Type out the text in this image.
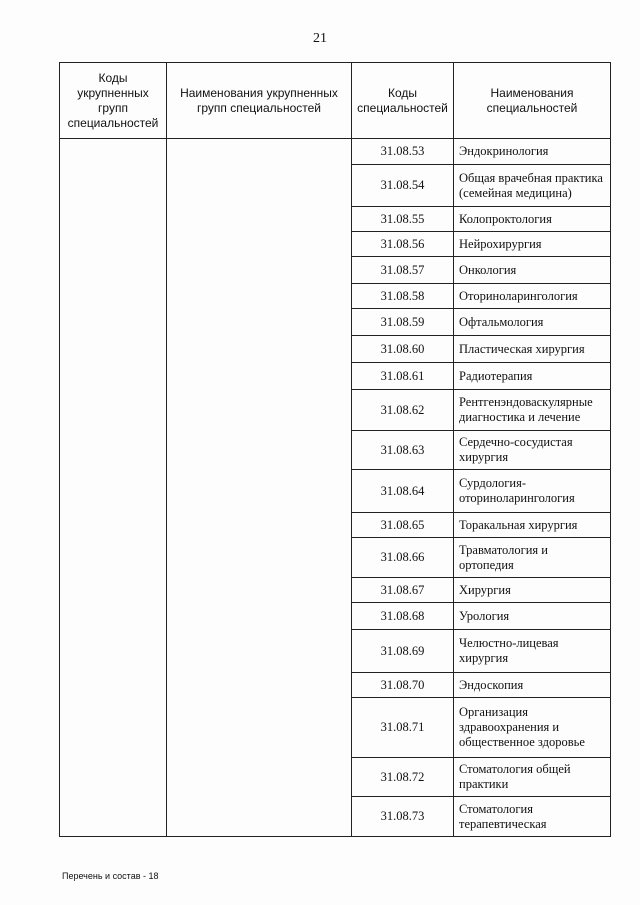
21
Коды укрупненных групп специальностей	Наименования укрупненных групп специальностей	Коды специальностей	Наименования специальностей
		31.08.53	Эндокринология
		31.08.54	Общая врачебная практика (семейная медицина)
		31.08.55	Колопроктология
		31.08.56	Нейрохирургия
		31.08.57	Онкология
		31.08.58	Оториноларингология
		31.08.59	Офтальмология
		31.08.60	Пластическая хирургия
		31.08.61	Радиотерапия
		31.08.62	Рентгенэндоваскулярные диагностика и лечение
		31.08.63	Сердечно-сосудистая хирургия
		31.08.64	Сурдология-оториноларингология
		31.08.65	Торакальная хирургия
		31.08.66	Травматология и ортопедия
		31.08.67	Хирургия
		31.08.68	Урология
		31.08.69	Челюстно-лицевая хирургия
		31.08.70	Эндоскопия
		31.08.71	Организация здравоохранения и общественное здоровье
		31.08.72	Стоматология общей практики
		31.08.73	Стоматология терапевтическая
Перечень и состав - 18
